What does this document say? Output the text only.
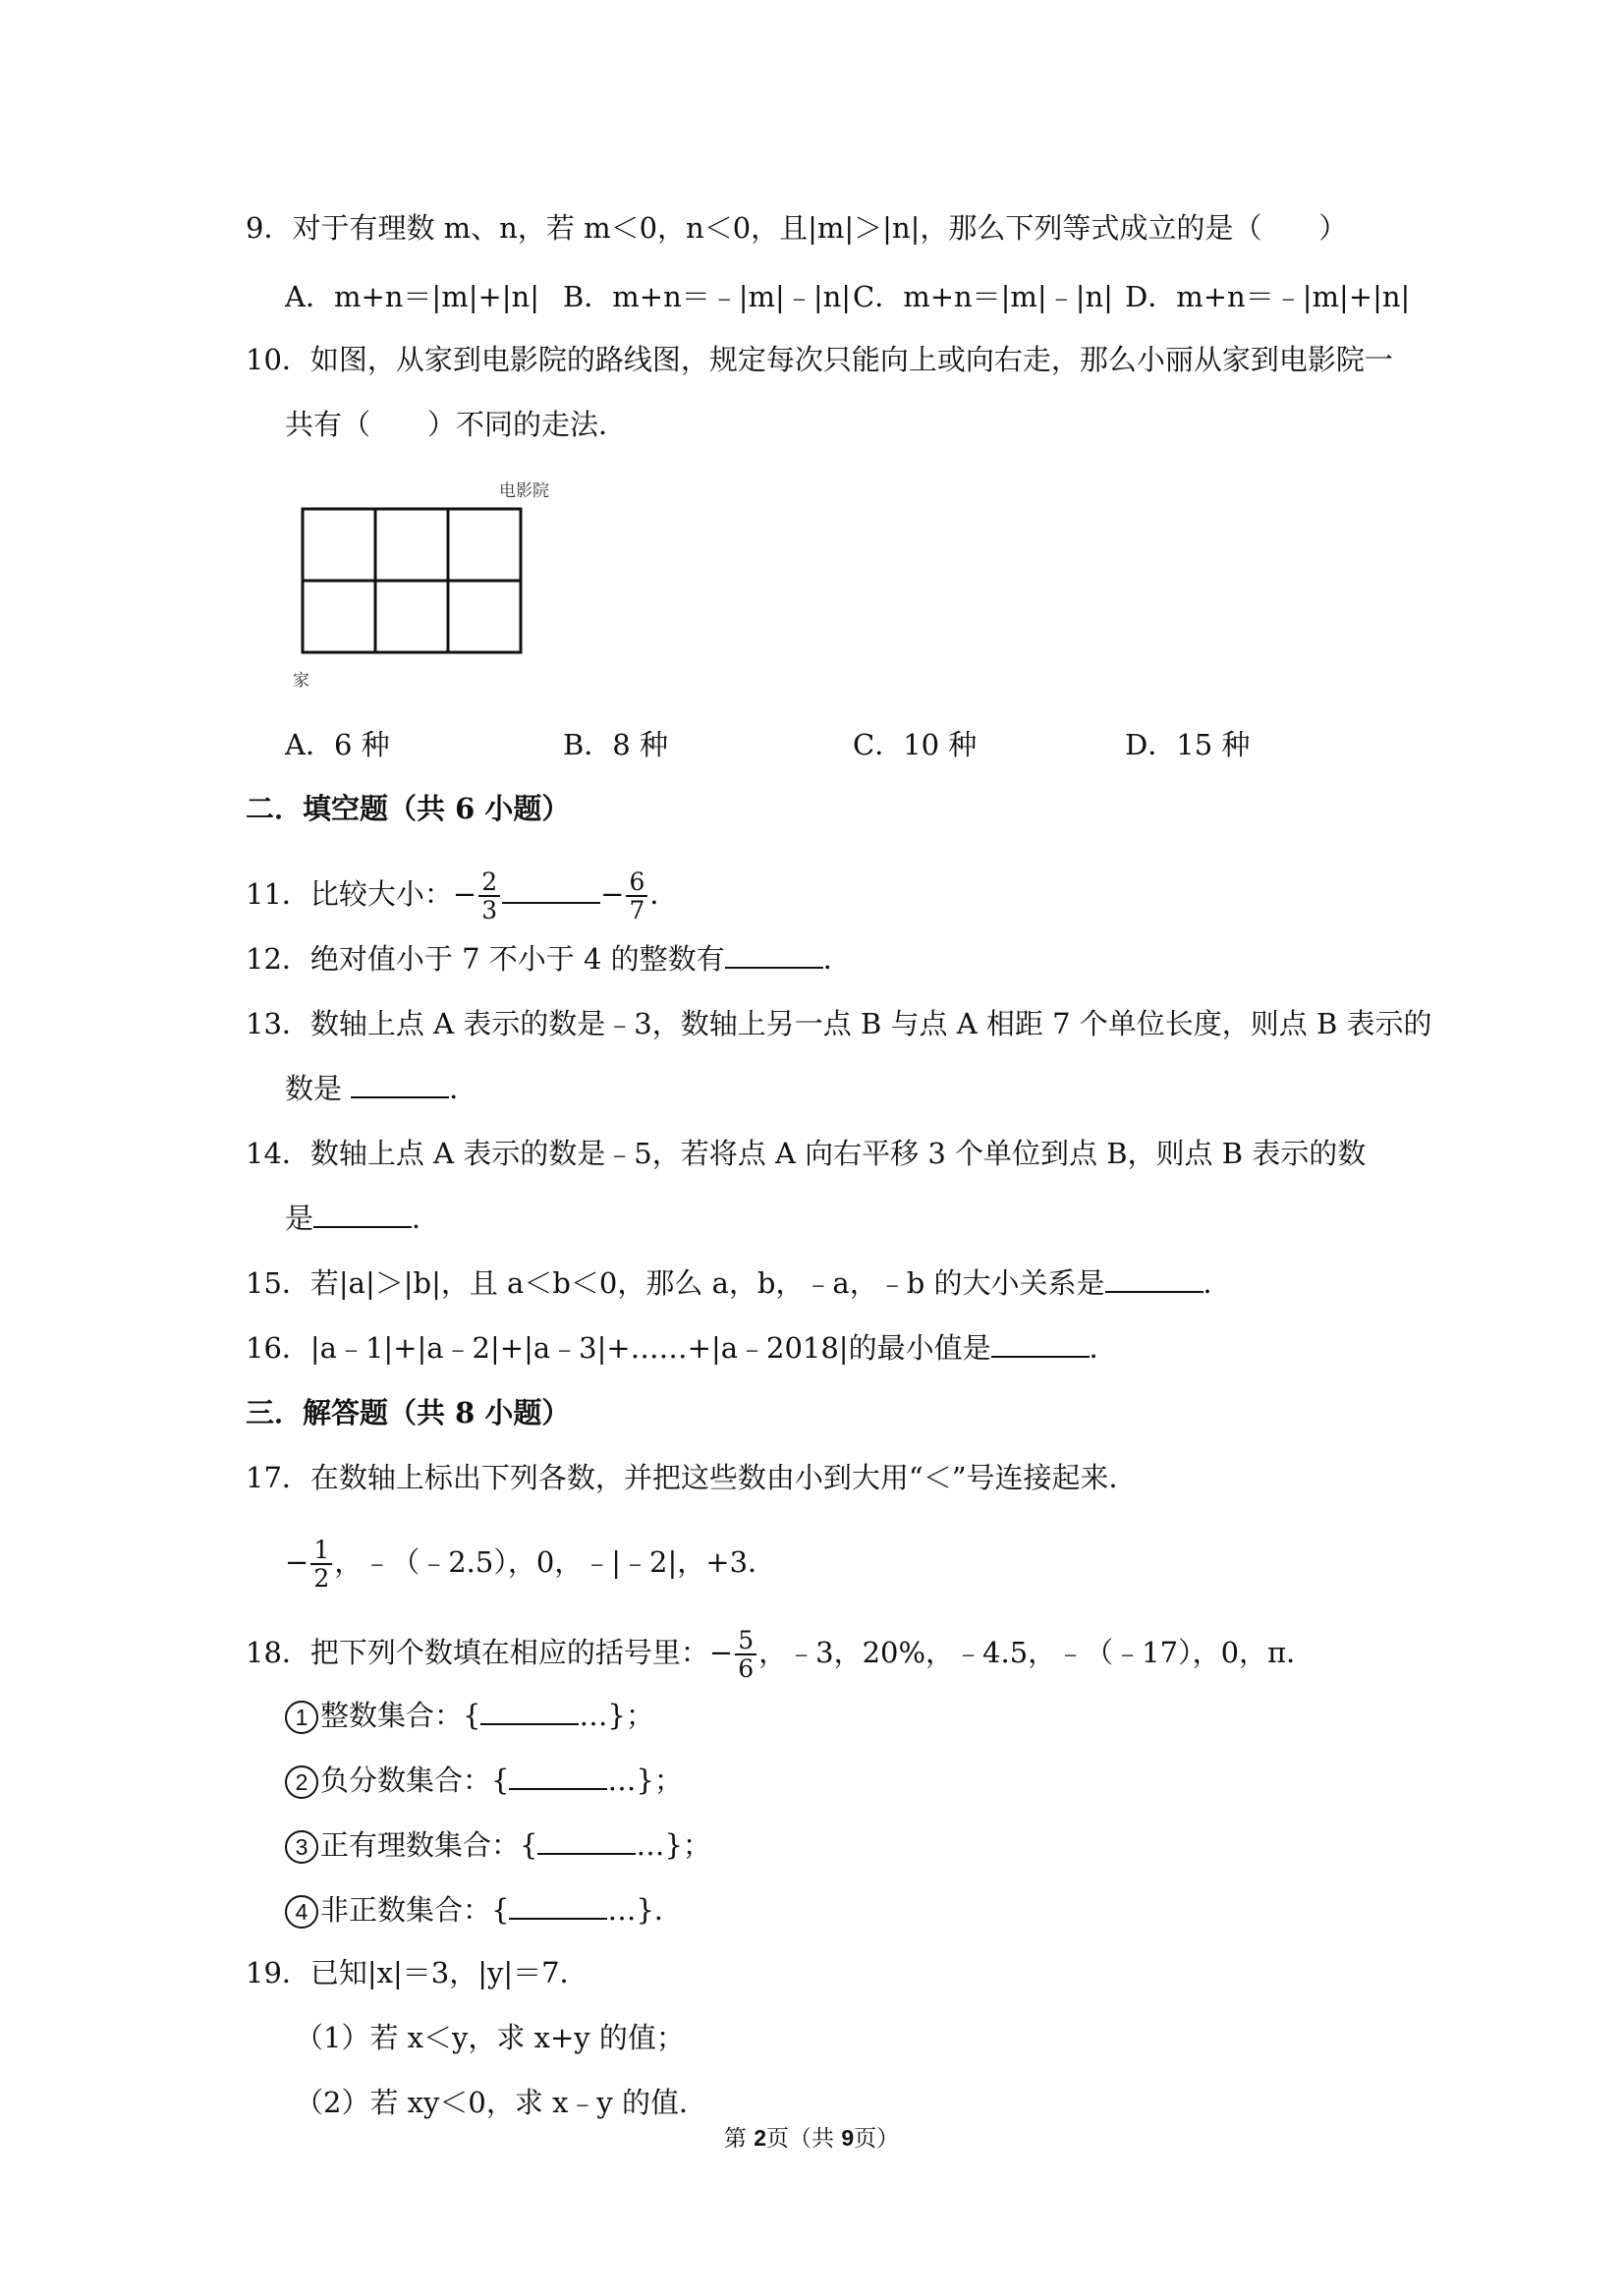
9．对于有理数 m、n，若 m＜0，n＜0，且|m|＞|n|，那么下列等式成立的是（　　）
A．m+n＝|m|+|n| B．m+n＝﹣|m|﹣|n| C．m+n＝|m|﹣|n| D．m+n＝﹣|m|+|n|
10．如图，从家到电影院的路线图，规定每次只能向上或向右走，那么小丽从家到电影院一
共有（　　）不同的走法．
电影院
家
A．6 种	B．8 种	C．10 种	D．15 种
二．填空题（共 6 小题）
11．比较大小：− $\frac{2}{3}$	− $\frac{6}{7}$ ．
12．绝对值小于 7 不小于 4 的整数有	．
13．数轴上点 A 表示的数是﹣3，数轴上另一点 B 与点 A 相距 7 个单位长度，则点 B 表示的
数是	．
14．数轴上点 A 表示的数是﹣5，若将点 A 向右平移 3 个单位到点 B，则点 B 表示的数
是	．
15．若|a|＞|b|，且 a＜b＜0，那么 a，b，﹣a，﹣b 的大小关系是	．
16．|a﹣1|+|a﹣2|+|a﹣3|+……+|a﹣2018|的最小值是	．
三．解答题（共 8 小题）
17．在数轴上标出下列各数，并把这些数由小到大用“＜”号连接起来．
− $\frac{1}{2}$ ，﹣（﹣2.5），0，﹣|﹣2|，+3．
18．把下列个数填在相应的括号里：− $\frac{5}{6}$ ，﹣3，20%，﹣4.5，﹣（﹣17），0，π．
1 整数集合：{	…}；
2 负分数集合：{	…}；
3 正有理数集合：{	…}；
4 非正数集合：{	…}．
19．已知|x|＝3，|y|＝7．
（1）若 x＜y，求 x+y 的值；
（2）若 xy＜0，求 x﹣y 的值．
第 2页（共 9页）
